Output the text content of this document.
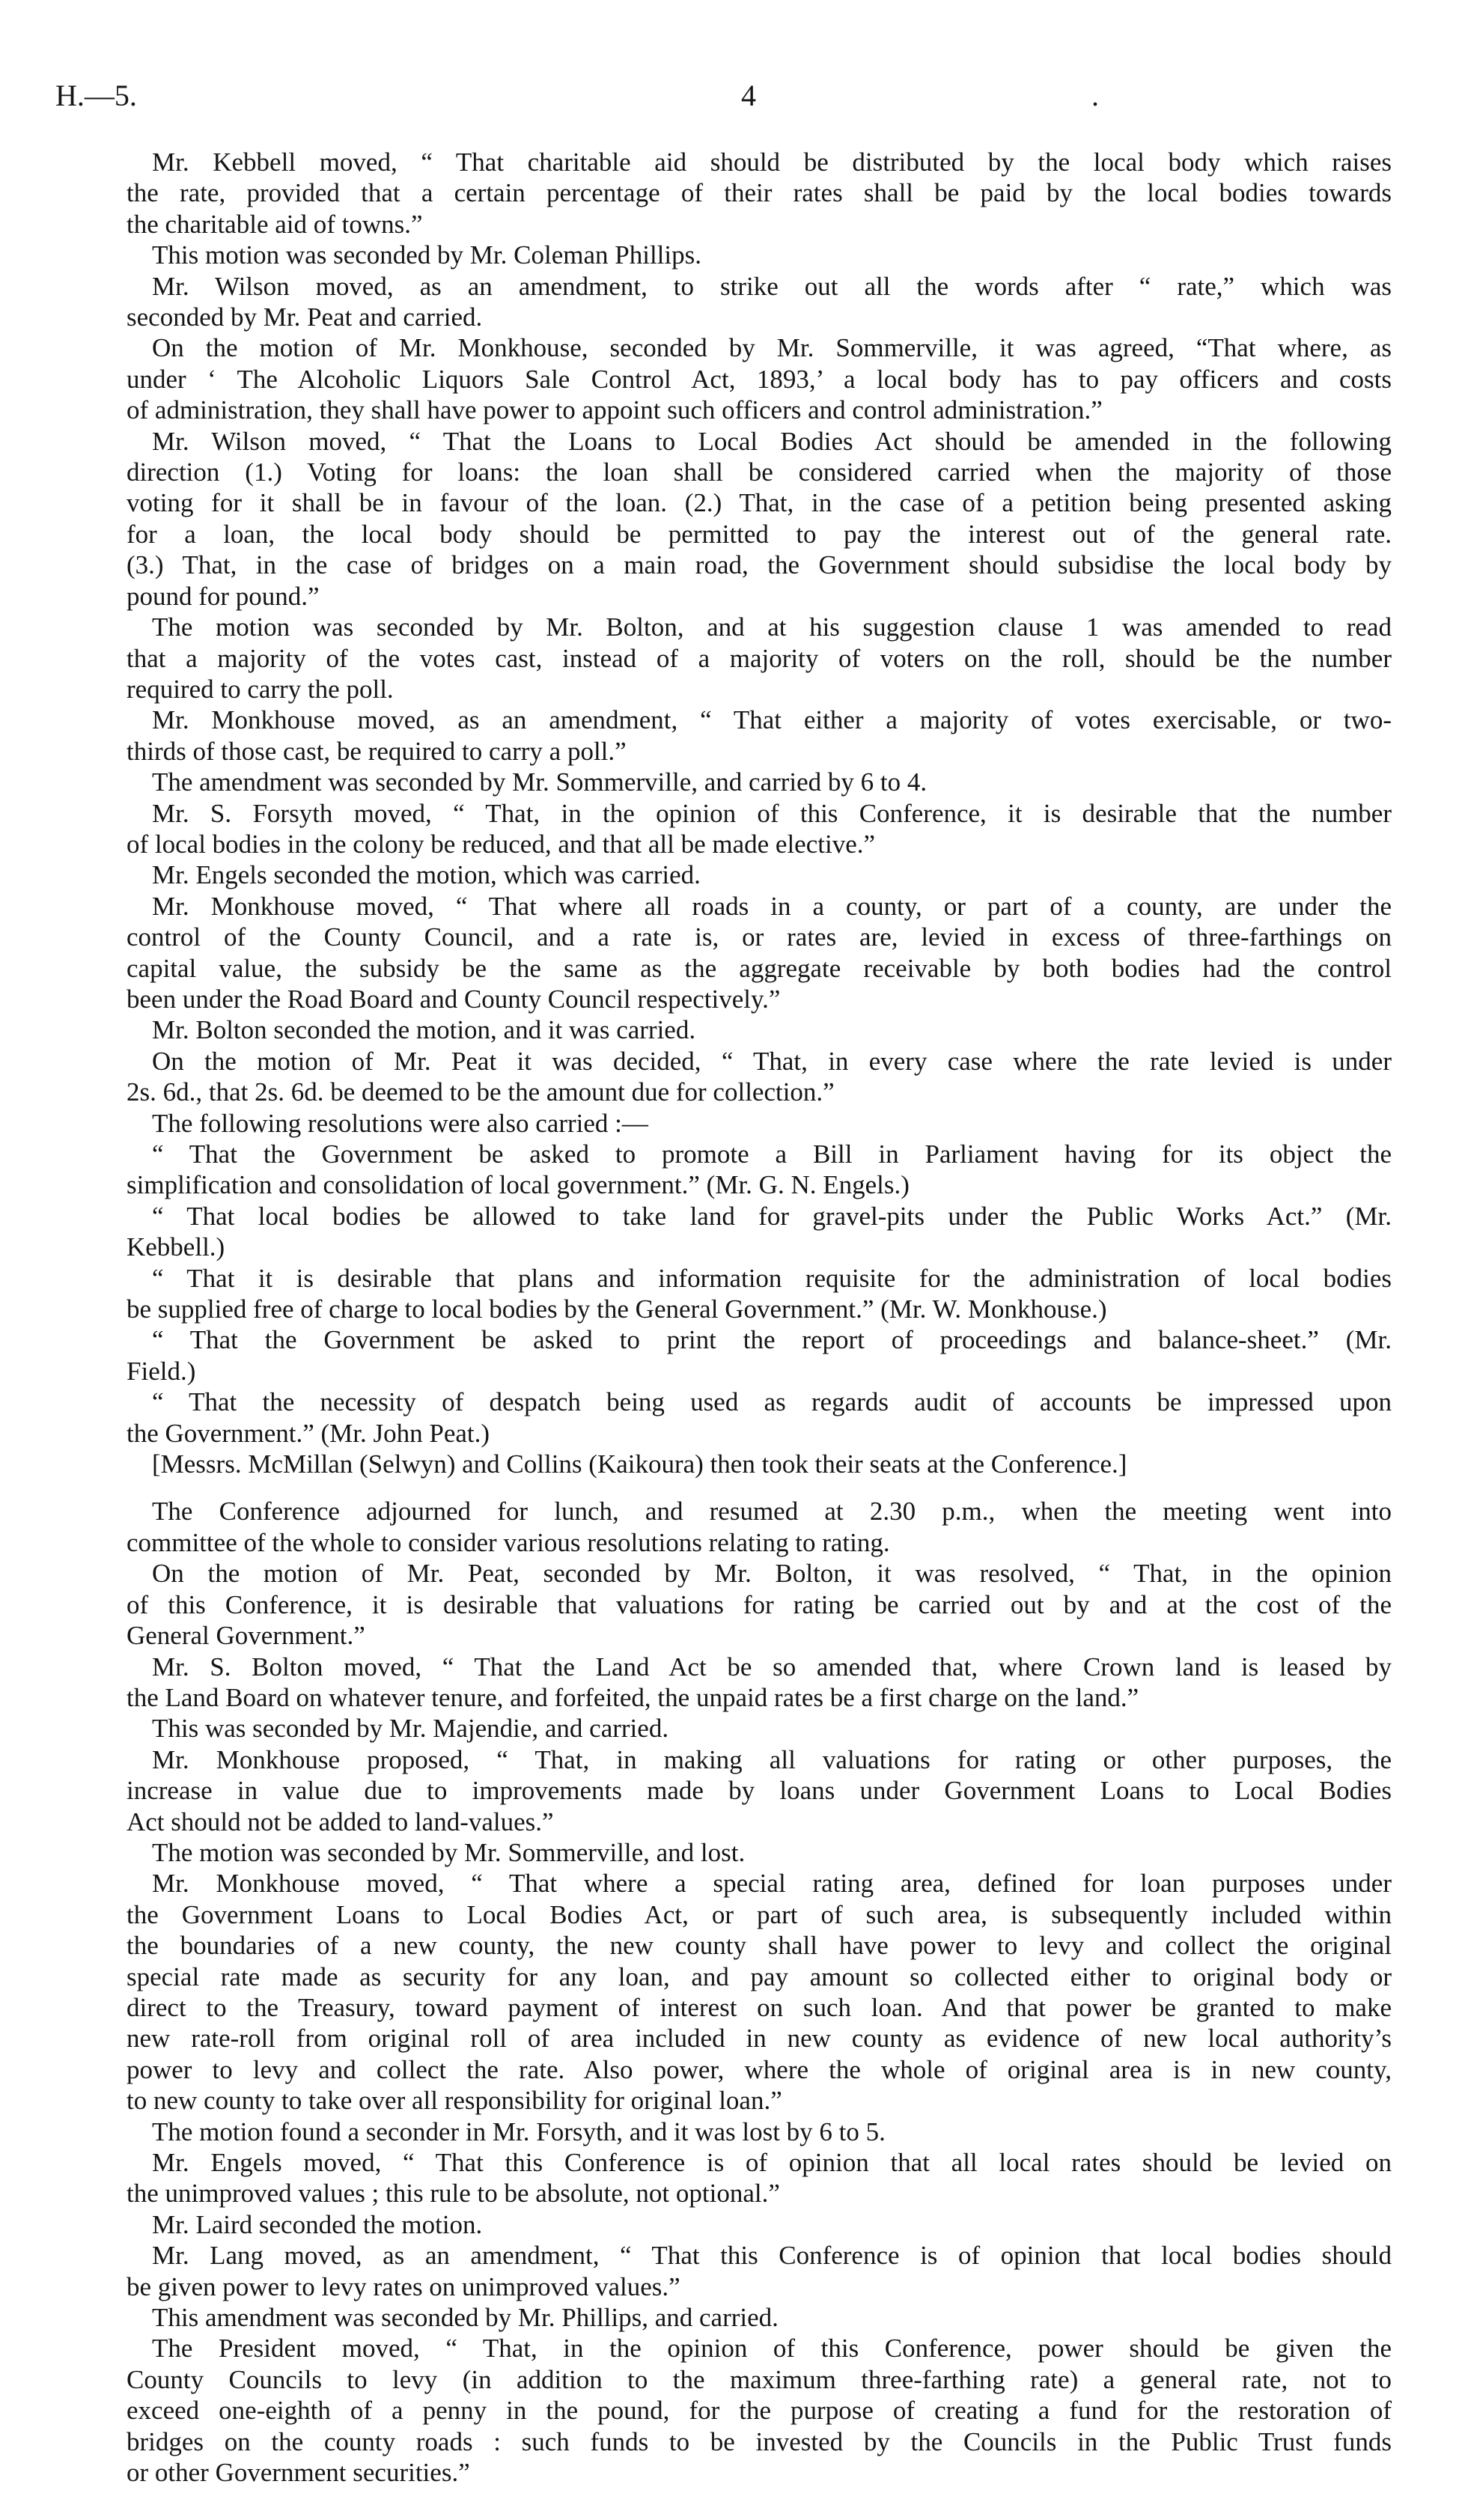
H.—5.	4	.
Mr. Kebbell moved, “ That charitable aid should be distributed by the local body which raises
the rate, provided that a certain percentage of their rates shall be paid by the local bodies towards
the charitable aid of towns.”
This motion was seconded by Mr. Coleman Phillips.
Mr. Wilson moved, as an amendment, to strike out all the words after “ rate,” which was
seconded by Mr. Peat and carried.
On the motion of Mr. Monkhouse, seconded by Mr. Sommerville, it was agreed, “That where, as
under ‘ The Alcoholic Liquors Sale Control Act, 1893,’ a local body has to pay officers and costs
of administration, they shall have power to appoint such officers and control administration.”
Mr. Wilson moved, “ That the Loans to Local Bodies Act should be amended in the following
direction (1.) Voting for loans: the loan shall be considered carried when the majority of those
voting for it shall be in favour of the loan. (2.) That, in the case of a petition being presented asking
for a loan, the local body should be permitted to pay the interest out of the general rate.
(3.) That, in the case of bridges on a main road, the Government should subsidise the local body by
pound for pound.”
The motion was seconded by Mr. Bolton, and at his suggestion clause 1 was amended to read
that a majority of the votes cast, instead of a majority of voters on the roll, should be the number
required to carry the poll.
Mr. Monkhouse moved, as an amendment, “ That either a majority of votes exercisable, or two-
thirds of those cast, be required to carry a poll.”
The amendment was seconded by Mr. Sommerville, and carried by 6 to 4.
Mr. S. Forsyth moved, “ That, in the opinion of this Conference, it is desirable that the number
of local bodies in the colony be reduced, and that all be made elective.”
Mr. Engels seconded the motion, which was carried.
Mr. Monkhouse moved, “ That where all roads in a county, or part of a county, are under the
control of the County Council, and a rate is, or rates are, levied in excess of three-farthings on
capital value, the subsidy be the same as the aggregate receivable by both bodies had the control
been under the Road Board and County Council respectively.”
Mr. Bolton seconded the motion, and it was carried.
On the motion of Mr. Peat it was decided, “ That, in every case where the rate levied is under
2s. 6d., that 2s. 6d. be deemed to be the amount due for collection.”
The following resolutions were also carried :—
“ That the Government be asked to promote a Bill in Parliament having for its object the
simplification and consolidation of local government.” (Mr. G. N. Engels.)
“ That local bodies be allowed to take land for gravel-pits under the Public Works Act.” (Mr.
Kebbell.)
“ That it is desirable that plans and information requisite for the administration of local bodies
be supplied free of charge to local bodies by the General Government.” (Mr. W. Monkhouse.)
“ That the Government be asked to print the report of proceedings and balance-sheet.” (Mr.
Field.)
“ That the necessity of despatch being used as regards audit of accounts be impressed upon
the Government.” (Mr. John Peat.)
[Messrs. McMillan (Selwyn) and Collins (Kaikoura) then took their seats at the Conference.]
The Conference adjourned for lunch, and resumed at 2.30 p.m., when the meeting went into
committee of the whole to consider various resolutions relating to rating.
On the motion of Mr. Peat, seconded by Mr. Bolton, it was resolved, “ That, in the opinion
of this Conference, it is desirable that valuations for rating be carried out by and at the cost of the
General Government.”
Mr. S. Bolton moved, “ That the Land Act be so amended that, where Crown land is leased by
the Land Board on whatever tenure, and forfeited, the unpaid rates be a first charge on the land.”
This was seconded by Mr. Majendie, and carried.
Mr. Monkhouse proposed, “ That, in making all valuations for rating or other purposes, the
increase in value due to improvements made by loans under Government Loans to Local Bodies
Act should not be added to land-values.”
The motion was seconded by Mr. Sommerville, and lost.
Mr. Monkhouse moved, “ That where a special rating area, defined for loan purposes under
the Government Loans to Local Bodies Act, or part of such area, is subsequently included within
the boundaries of a new county, the new county shall have power to levy and collect the original
special rate made as security for any loan, and pay amount so collected either to original body or
direct to the Treasury, toward payment of interest on such loan. And that power be granted to make
new rate-roll from original roll of area included in new county as evidence of new local authority’s
power to levy and collect the rate. Also power, where the whole of original area is in new county,
to new county to take over all responsibility for original loan.”
The motion found a seconder in Mr. Forsyth, and it was lost by 6 to 5.
Mr. Engels moved, “ That this Conference is of opinion that all local rates should be levied on
the unimproved values ; this rule to be absolute, not optional.”
Mr. Laird seconded the motion.
Mr. Lang moved, as an amendment, “ That this Conference is of opinion that local bodies should
be given power to levy rates on unimproved values.”
This amendment was seconded by Mr. Phillips, and carried.
The President moved, “ That, in the opinion of this Conference, power should be given the
County Councils to levy (in addition to the maximum three-farthing rate) a general rate, not to
exceed one-eighth of a penny in the pound, for the purpose of creating a fund for the restoration of
bridges on the county roads : such funds to be invested by the Councils in the Public Trust funds
or other Government securities.”
